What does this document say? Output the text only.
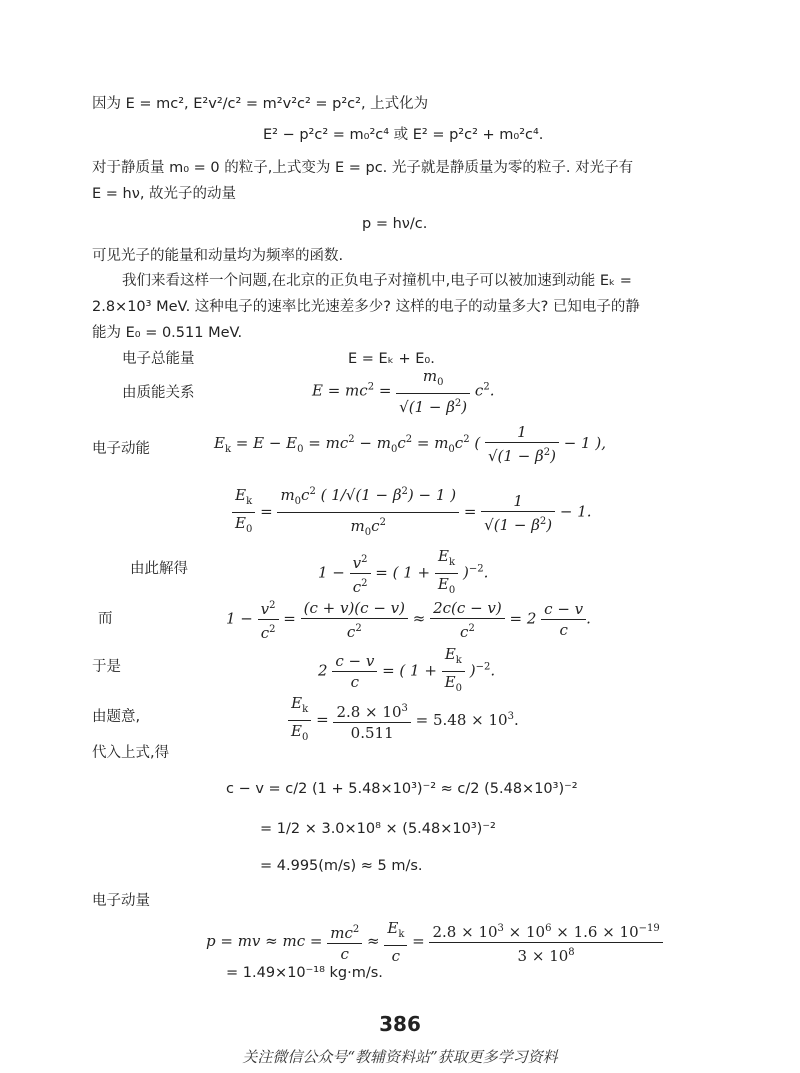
因为 E = mc², E²v²/c² = m²v²c² = p²c², 上式化为
E² − p²c² = m₀²c⁴ 或 E² = p²c² + m₀²c⁴.
对于静质量 m₀ = 0 的粒子,上式变为 E = pc. 光子就是静质量为零的粒子. 对光子有
E = hν, 故光子的动量
p = hν/c.
可见光子的能量和动量均为频率的函数.
我们来看这样一个问题,在北京的正负电子对撞机中,电子可以被加速到动能 Eₖ =
2.8×10³ MeV. 这种电子的速率比光速差多少? 这样的电子的动量多大? 已知电子的静
能为 E₀ = 0.511 MeV.
电子总能量	E = Eₖ + E₀.
由质能关系	$E = mc^2 = \frac{m_0}{√(1 - \beta^2)} c^2$.
电子动能	$E_k = E - E_0 = mc^2 - m_0c^2 = m_0c^2$ ( $\frac{1}{√(1 - \beta^2)} - 1$ ),
$\frac{E_k}{E_0} = \frac{m_0c^2 ( 1/√(1 - \beta^2) - 1 )}{m_0c^2} = \frac{1}{√(1 - \beta^2)} - 1$.
由此解得	$1 - \frac{v^2}{c^2}$ = ( $1 + \frac{E_k}{E_0} )^{-2}$.
而	$1 - \frac{v^2}{c^2} = \frac{(c + v)(c - v)}{c^2} \approx \frac{2c(c - v)}{c^2} = 2 \frac{c - v}{c}$ .
于是	$2 \frac{c - v}{c}$ = ( $1 + \frac{E_k}{E_0} )^{-2}$.
由题意,	$\frac{E_k}{E_0} = \frac{2.8 \times 10^3}{0.511} = 5.48 \times 10^3$.
代入上式,得
c − v = c/2 (1 + 5.48×10³)⁻² ≈ c/2 (5.48×10³)⁻²
= 1/2 × 3.0×10⁸ × (5.48×10³)⁻²
= 4.995(m/s) ≈ 5 m/s.
电子动量
p = mv ≈ mc = $\frac{mc^2}{c} \approx \frac{E_k}{c} = \frac{2.8 \times 10^3 \times 10^6 \times 1.6 \times 10^{-19}}{3 \times 10^8}$
= 1.49×10⁻¹⁸ kg·m/s.
386
关注微信公众号“教辅资料站”获取更多学习资料
